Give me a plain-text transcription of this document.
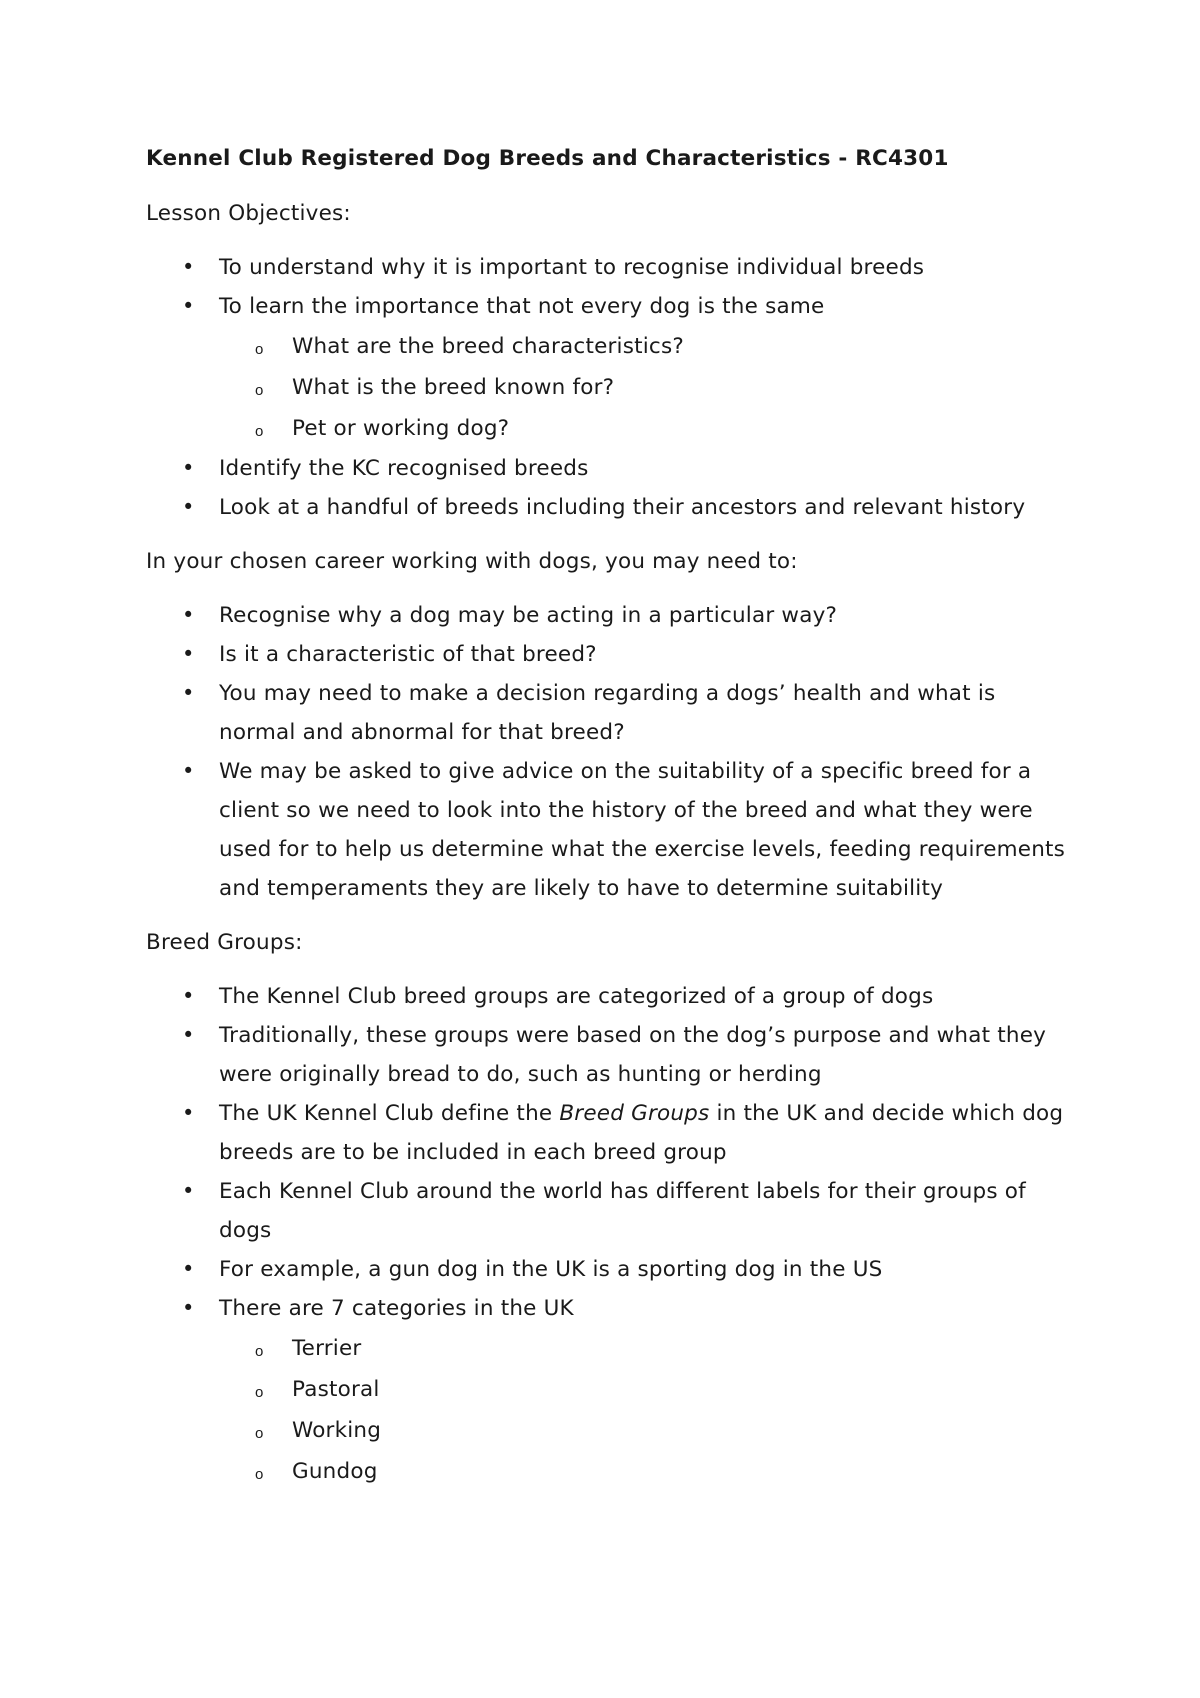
Kennel Club Registered Dog Breeds and Characteristics - RC4301
Lesson Objectives:
• To understand why it is important to recognise individual breeds
• To learn the importance that not every dog is the same
o What are the breed characteristics?
o What is the breed known for?
o Pet or working dog?
• Identify the KC recognised breeds
• Look at a handful of breeds including their ancestors and relevant history
In your chosen career working with dogs, you may need to:
• Recognise why a dog may be acting in a particular way?
• Is it a characteristic of that breed?
• You may need to make a decision regarding a dogs’ health and what is normal and abnormal for that breed?
• We may be asked to give advice on the suitability of a specific breed for a client so we need to look into the history of the breed and what they were used for to help us determine what the exercise levels, feeding requirements and temperaments they are likely to have to determine suitability
Breed Groups:
• The Kennel Club breed groups are categorized of a group of dogs
• Traditionally, these groups were based on the dog’s purpose and what they were originally bread to do, such as hunting or herding
• The UK Kennel Club define the Breed Groups in the UK and decide which dog breeds are to be included in each breed group
• Each Kennel Club around the world has different labels for their groups of dogs
• For example, a gun dog in the UK is a sporting dog in the US
• There are 7 categories in the UK
o Terrier
o Pastoral
o Working
o Gundog
